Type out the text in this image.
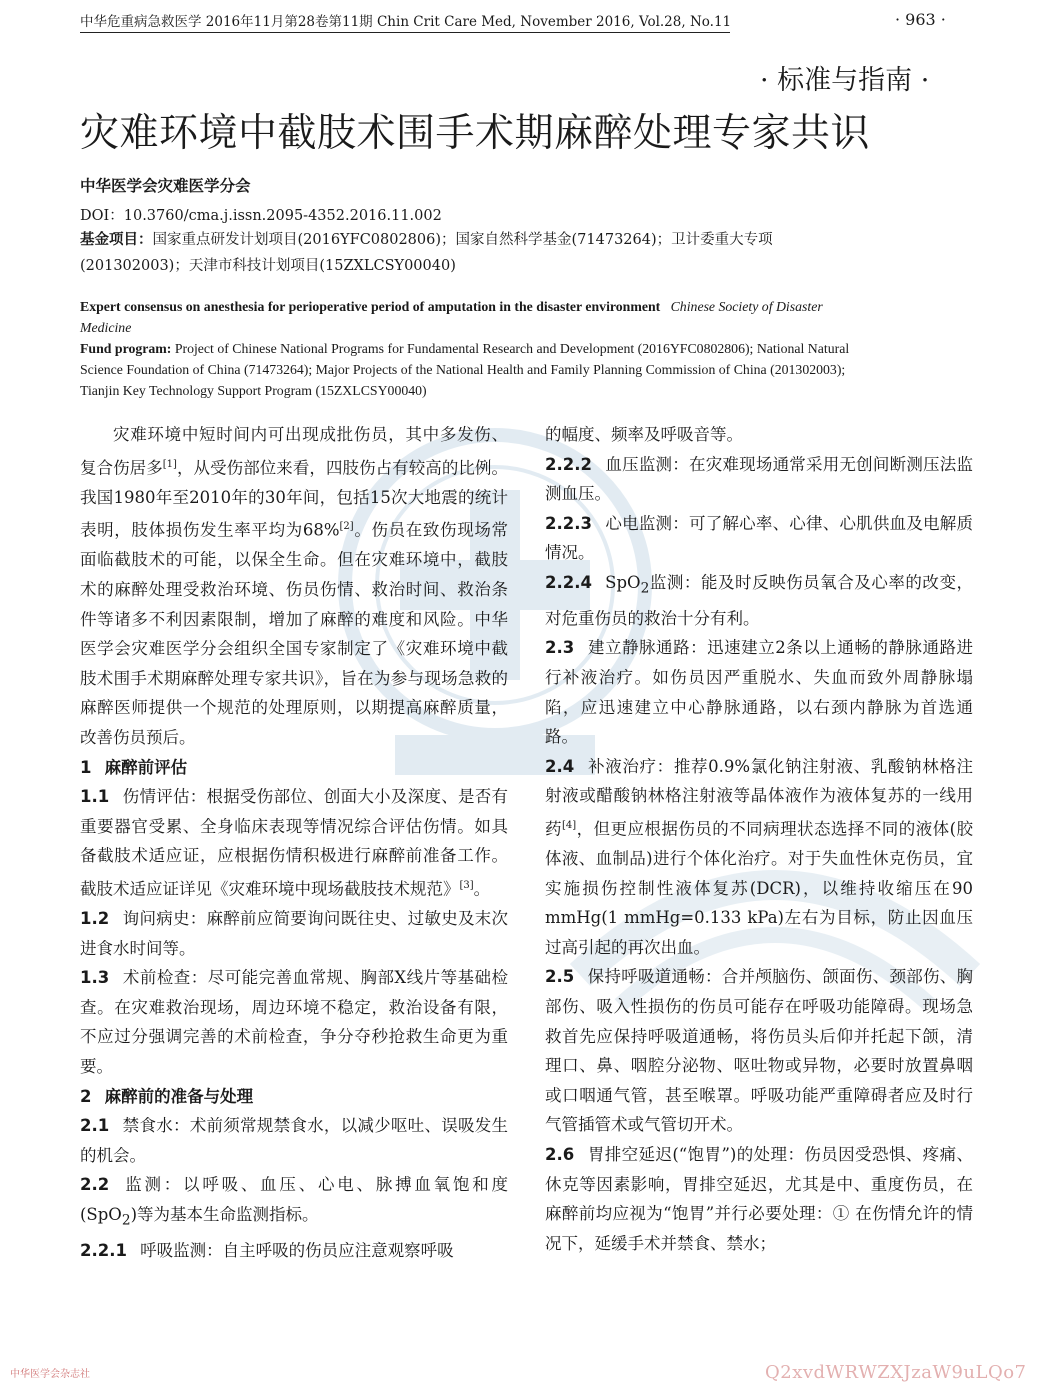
中华危重病急救医学 2016年11月第28卷第11期 Chin Crit Care Med, November 2016, Vol.28, No.11	· 963 ·
· 标准与指南 ·
灾难环境中截肢术围手术期麻醉处理专家共识
中华医学会灾难医学分会
DOI：10.3760/cma.j.issn.2095-4352.2016.11.002
基金项目：国家重点研发计划项目(2016YFC0802806)；国家自然科学基金(71473264)；卫计委重大专项
(201302003)；天津市科技计划项目(15ZXLCSY00040)

Expert consensus on anesthesia for perioperative period of amputation in the disaster environment Chinese Society of Disaster Medicine

Fund program: Project of Chinese National Programs for Fundamental Research and Development (2016YFC0802806); National Natural Science Foundation of China (71473264); Major Projects of the National Health and Family Planning Commission of China (201302003); Tianjin Key Technology Support Program (15ZXLCSY00040)

灾难环境中短时间内可出现成批伤员，其中多发伤、复合伤居多[1]，从受伤部位来看，四肢伤占有较高的比例。我国1980年至2010年的30年间，包括15次大地震的统计表明，肢体损伤发生率平均为68%[2]。伤员在致伤现场常面临截肢术的可能，以保全生命。但在灾难环境中，截肢术的麻醉处理受救治环境、伤员伤情、救治时间、救治条件等诸多不利因素限制，增加了麻醉的难度和风险。中华医学会灾难医学分会组织全国专家制定了《灾难环境中截肢术围手术期麻醉处理专家共识》，旨在为参与现场急救的麻醉医师提供一个规范的处理原则，以期提高麻醉质量，改善伤员预后。

1 麻醉前评估

1.1 伤情评估：根据受伤部位、创面大小及深度、是否有重要器官受累、全身临床表现等情况综合评估伤情。如具备截肢术适应证，应根据伤情积极进行麻醉前准备工作。截肢术适应证详见《灾难环境中现场截肢技术规范》[3]。

1.2 询问病史：麻醉前应简要询问既往史、过敏史及末次进食水时间等。

1.3 术前检查：尽可能完善血常规、胸部X线片等基础检查。在灾难救治现场，周边环境不稳定，救治设备有限，不应过分强调完善的术前检查，争分夺秒抢救生命更为重要。

2 麻醉前的准备与处理

2.1 禁食水：术前须常规禁食水，以减少呕吐、误吸发生的机会。

2.2 监测：以呼吸、血压、心电、脉搏血氧饱和度(SpO$_2$)等为基本生命监测指标。

2.2.1 呼吸监测：自主呼吸的伤员应注意观察呼吸

的幅度、频率及呼吸音等。

2.2.2 血压监测：在灾难现场通常采用无创间断测压法监测血压。

2.2.3 心电监测：可了解心率、心律、心肌供血及电解质情况。

2.2.4 SpO$_2$监测：能及时反映伤员氧合及心率的改变，对危重伤员的救治十分有利。

2.3 建立静脉通路：迅速建立2条以上通畅的静脉通路进行补液治疗。如伤员因严重脱水、失血而致外周静脉塌陷，应迅速建立中心静脉通路，以右颈内静脉为首选通路。

2.4 补液治疗：推荐0.9%氯化钠注射液、乳酸钠林格注射液或醋酸钠林格注射液等晶体液作为液体复苏的一线用药[4]，但更应根据伤员的不同病理状态选择不同的液体(胶体液、血制品)进行个体化治疗。对于失血性休克伤员，宜实施损伤控制性液体复苏(DCR)，以维持收缩压在90 mmHg(1 mmHg=0.133 kPa)左右为目标，防止因血压过高引起的再次出血。

2.5 保持呼吸道通畅：合并颅脑伤、颌面伤、颈部伤、胸部伤、吸入性损伤的伤员可能存在呼吸功能障碍。现场急救首先应保持呼吸道通畅，将伤员头后仰并托起下颌，清理口、鼻、咽腔分泌物、呕吐物或异物，必要时放置鼻咽或口咽通气管，甚至喉罩。呼吸功能严重障碍者应及时行气管插管术或气管切开术。

2.6 胃排空延迟(“饱胃”)的处理：伤员因受恐惧、疼痛、休克等因素影响，胃排空延迟，尤其是中、重度伤员，在麻醉前均应视为“饱胃”并行必要处理：① 在伤情允许的情况下，延缓手术并禁食、禁水；

中华医学会杂志社	Q2xvdWRWZXJzaW9uLQo7
